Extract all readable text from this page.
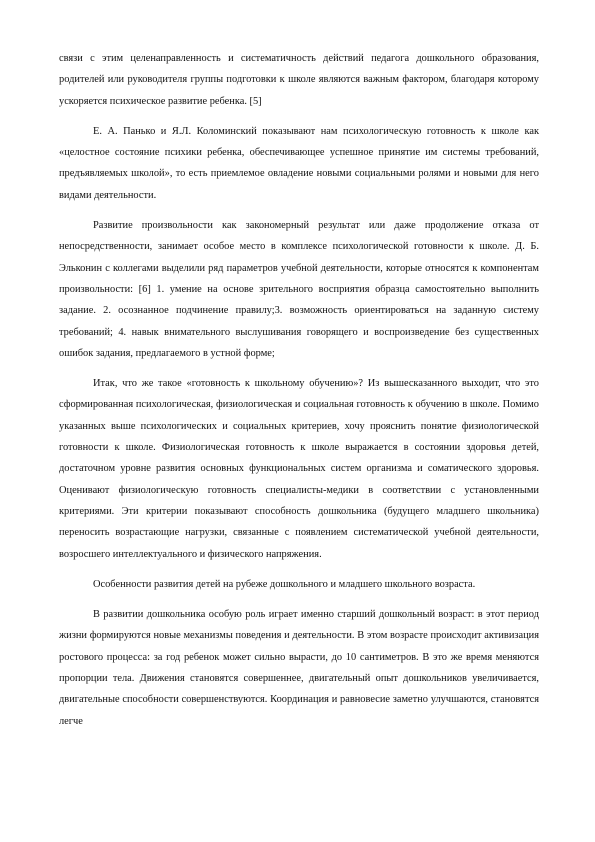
связи с этим целенаправленность и систематичность действий педагога дошкольного образования, родителей или руководителя группы подготовки к школе являются важным фактором, благодаря которому ускоряется психическое развитие ребенка. [5]

Е. А. Панько и Я.Л. Коломинский показывают нам психологическую готовность к школе как «целостное состояние психики ребенка, обеспечивающее успешное принятие им системы требований, предъявляемых школой», то есть приемлемое овладение новыми социальными ролями и новыми для него видами деятельности.

Развитие произвольности как закономерный результат или даже продолжение отказа от непосредственности, занимает особое место в комплексе психологической готовности к школе. Д. Б. Эльконин с коллегами выделили ряд параметров учебной деятельности, которые относятся к компонентам произвольности: [6] 1. умение на основе зрительного восприятия образца самостоятельно выполнить задание. 2. осознанное подчинение правилу;3. возможность ориентироваться на заданную систему требований; 4. навык внимательного выслушивания говорящего и воспроизведение без существенных ошибок задания, предлагаемого в устной форме;

Итак, что же такое «готовность к школьному обучению»? Из вышесказанного выходит, что это сформированная психологическая, физиологическая и социальная готовность к обучению в школе. Помимо указанных выше психологических и социальных критериев, хочу прояснить понятие физиологической готовности к школе. Физиологическая готовность к школе выражается в состоянии здоровья детей, достаточном уровне развития основных функциональных систем организма и соматического здоровья. Оценивают физиологическую готовность специалисты-медики в соответствии с установленными критериями. Эти критерии показывают способность дошкольника (будущего младшего школьника) переносить возрастающие нагрузки, связанные с появлением систематической учебной деятельности, возросшего интеллектуального и физического напряжения.

Особенности развития детей на рубеже дошкольного и младшего школьного возраста.

В развитии дошкольника особую роль играет именно старший дошкольный возраст: в этот период жизни формируются новые механизмы поведения и деятельности. В этом возрасте происходит активизация ростового процесса: за год ребенок может сильно вырасти, до 10 сантиметров. В это же время меняются пропорции тела. Движения становятся совершеннее, двигательный опыт дошкольников увеличивается, двигательные способности совершенствуются. Координация и равновесие заметно улучшаются, становятся легче
